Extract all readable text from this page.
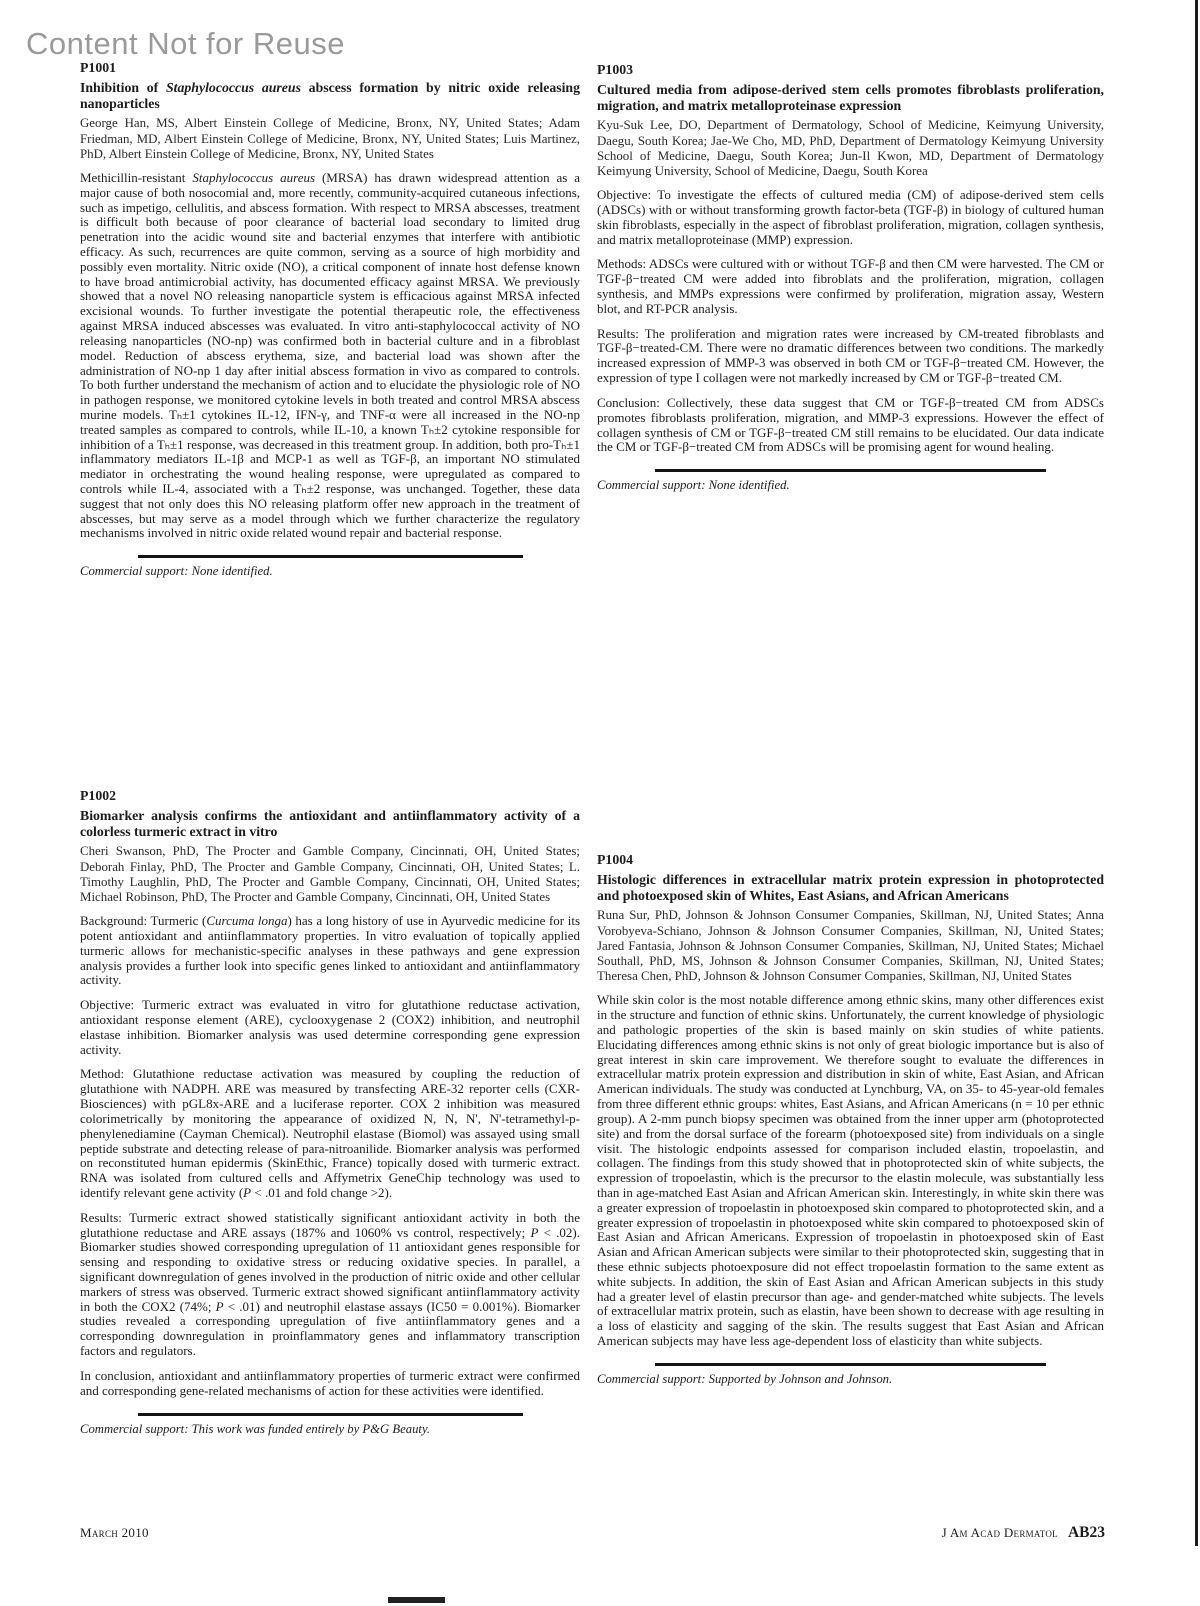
Content Not for Reuse

P1001

Inhibition of Staphylococcus aureus abscess formation by nitric oxide releasing nanoparticles

George Han, MS, Albert Einstein College of Medicine, Bronx, NY, United States; Adam Friedman, MD, Albert Einstein College of Medicine, Bronx, NY, United States; Luis Martinez, PhD, Albert Einstein College of Medicine, Bronx, NY, United States

Methicillin-resistant Staphylococcus aureus (MRSA) has drawn widespread attention as a major cause of both nosocomial and, more recently, community-acquired cutaneous infections, such as impetigo, cellulitis, and abscess formation. With respect to MRSA abscesses, treatment is difficult both because of poor clearance of bacterial load secondary to limited drug penetration into the acidic wound site and bacterial enzymes that interfere with antibiotic efficacy. As such, recurrences are quite common, serving as a source of high morbidity and possibly even mortality. Nitric oxide (NO), a critical component of innate host defense known to have broad antimicrobial activity, has documented efficacy against MRSA. We previously showed that a novel NO releasing nanoparticle system is efficacious against MRSA infected excisional wounds. To further investigate the potential therapeutic role, the effectiveness against MRSA induced abscesses was evaluated. In vitro anti-staphylococcal activity of NO releasing nanoparticles (NO-np) was confirmed both in bacterial culture and in a fibroblast model. Reduction of abscess erythema, size, and bacterial load was shown after the administration of NO-np 1 day after initial abscess formation in vivo as compared to controls. To both further understand the mechanism of action and to elucidate the physiologic role of NO in pathogen response, we monitored cytokine levels in both treated and control MRSA abscess murine models. Tₕ±1 cytokines IL-12, IFN-γ, and TNF-α were all increased in the NO-np treated samples as compared to controls, while IL-10, a known Tₕ±2 cytokine responsible for inhibition of a Tₕ±1 response, was decreased in this treatment group. In addition, both pro-Tₕ±1 inflammatory mediators IL-1β and MCP-1 as well as TGF-β, an important NO stimulated mediator in orchestrating the wound healing response, were upregulated as compared to controls while IL-4, associated with a Tₕ±2 response, was unchanged. Together, these data suggest that not only does this NO releasing platform offer new approach in the treatment of abscesses, but may serve as a model through which we further characterize the regulatory mechanisms involved in nitric oxide related wound repair and bacterial response.

Commercial support: None identified.

P1002

Biomarker analysis confirms the antioxidant and antiinflammatory activity of a colorless turmeric extract in vitro

Cheri Swanson, PhD, The Procter and Gamble Company, Cincinnati, OH, United States; Deborah Finlay, PhD, The Procter and Gamble Company, Cincinnati, OH, United States; L. Timothy Laughlin, PhD, The Procter and Gamble Company, Cincinnati, OH, United States; Michael Robinson, PhD, The Procter and Gamble Company, Cincinnati, OH, United States

Background: Turmeric (Curcuma longa) has a long history of use in Ayurvedic medicine for its potent antioxidant and antiinflammatory properties. In vitro evaluation of topically applied turmeric allows for mechanistic-specific analyses in these pathways and gene expression analysis provides a further look into specific genes linked to antioxidant and antiinflammatory activity.

Objective: Turmeric extract was evaluated in vitro for glutathione reductase activation, antioxidant response element (ARE), cyclooxygenase 2 (COX2) inhibition, and neutrophil elastase inhibition. Biomarker analysis was used determine corresponding gene expression activity.

Method: Glutathione reductase activation was measured by coupling the reduction of glutathione with NADPH. ARE was measured by transfecting ARE-32 reporter cells (CXR-Biosciences) with pGL8x-ARE and a luciferase reporter. COX 2 inhibition was measured colorimetrically by monitoring the appearance of oxidized N, N, N', N'-tetramethyl-p-phenylenediamine (Cayman Chemical). Neutrophil elastase (Biomol) was assayed using small peptide substrate and detecting release of para-nitroanilide. Biomarker analysis was performed on reconstituted human epidermis (SkinEthic, France) topically dosed with turmeric extract. RNA was isolated from cultured cells and Affymetrix GeneChip technology was used to identify relevant gene activity (P < .01 and fold change >2).

Results: Turmeric extract showed statistically significant antioxidant activity in both the glutathione reductase and ARE assays (187% and 1060% vs control, respectively; P < .02). Biomarker studies showed corresponding upregulation of 11 antioxidant genes responsible for sensing and responding to oxidative stress or reducing oxidative species. In parallel, a significant downregulation of genes involved in the production of nitric oxide and other cellular markers of stress was observed. Turmeric extract showed significant antiinflammatory activity in both the COX2 (74%; P < .01) and neutrophil elastase assays (IC50 = 0.001%). Biomarker studies revealed a corresponding upregulation of five antiinflammatory genes and a corresponding downregulation in proinflammatory genes and inflammatory transcription factors and regulators.

In conclusion, antioxidant and antiinflammatory properties of turmeric extract were confirmed and corresponding gene-related mechanisms of action for these activities were identified.

Commercial support: This work was funded entirely by P&G Beauty.

P1003

Cultured media from adipose-derived stem cells promotes fibroblasts proliferation, migration, and matrix metalloproteinase expression

Kyu-Suk Lee, DO, Department of Dermatology, School of Medicine, Keimyung University, Daegu, South Korea; Jae-We Cho, MD, PhD, Department of Dermatology Keimyung University School of Medicine, Daegu, South Korea; Jun-Il Kwon, MD, Department of Dermatology Keimyung University, School of Medicine, Daegu, South Korea

Objective: To investigate the effects of cultured media (CM) of adipose-derived stem cells (ADSCs) with or without transforming growth factor-beta (TGF-β) in biology of cultured human skin fibroblasts, especially in the aspect of fibroblast proliferation, migration, collagen synthesis, and matrix metalloproteinase (MMP) expression.

Methods: ADSCs were cultured with or without TGF-β and then CM were harvested. The CM or TGF-β−treated CM were added into fibroblats and the proliferation, migration, collagen synthesis, and MMPs expressions were confirmed by proliferation, migration assay, Western blot, and RT-PCR analysis.

Results: The proliferation and migration rates were increased by CM-treated fibroblasts and TGF-β−treated-CM. There were no dramatic differences between two conditions. The markedly increased expression of MMP-3 was observed in both CM or TGF-β−treated CM. However, the expression of type I collagen were not markedly increased by CM or TGF-β−treated CM.

Conclusion: Collectively, these data suggest that CM or TGF-β−treated CM from ADSCs promotes fibroblasts proliferation, migration, and MMP-3 expressions. However the effect of collagen synthesis of CM or TGF-β−treated CM still remains to be elucidated. Our data indicate the CM or TGF-β−treated CM from ADSCs will be promising agent for wound healing.

Commercial support: None identified.

P1004

Histologic differences in extracellular matrix protein expression in photoprotected and photoexposed skin of Whites, East Asians, and African Americans

Runa Sur, PhD, Johnson & Johnson Consumer Companies, Skillman, NJ, United States; Anna Vorobyeva-Schiano, Johnson & Johnson Consumer Companies, Skillman, NJ, United States; Jared Fantasia, Johnson & Johnson Consumer Companies, Skillman, NJ, United States; Michael Southall, PhD, MS, Johnson & Johnson Consumer Companies, Skillman, NJ, United States; Theresa Chen, PhD, Johnson & Johnson Consumer Companies, Skillman, NJ, United States

While skin color is the most notable difference among ethnic skins, many other differences exist in the structure and function of ethnic skins. Unfortunately, the current knowledge of physiologic and pathologic properties of the skin is based mainly on skin studies of white patients. Elucidating differences among ethnic skins is not only of great biologic importance but is also of great interest in skin care improvement. We therefore sought to evaluate the differences in extracellular matrix protein expression and distribution in skin of white, East Asian, and African American individuals. The study was conducted at Lynchburg, VA, on 35- to 45-year-old females from three different ethnic groups: whites, East Asians, and African Americans (n = 10 per ethnic group). A 2-mm punch biopsy specimen was obtained from the inner upper arm (photoprotected site) and from the dorsal surface of the forearm (photoexposed site) from individuals on a single visit. The histologic endpoints assessed for comparison included elastin, tropoelastin, and collagen. The findings from this study showed that in photoprotected skin of white subjects, the expression of tropoelastin, which is the precursor to the elastin molecule, was substantially less than in age-matched East Asian and African American skin. Interestingly, in white skin there was a greater expression of tropoelastin in photoexposed skin compared to photoprotected skin, and a greater expression of tropoelastin in photoexposed white skin compared to photoexposed skin of East Asian and African Americans. Expression of tropoelastin in photoexposed skin of East Asian and African American subjects were similar to their photoprotected skin, suggesting that in these ethnic subjects photoexposure did not effect tropoelastin formation to the same extent as white subjects. In addition, the skin of East Asian and African American subjects in this study had a greater level of elastin precursor than age- and gender-matched white subjects. The levels of extracellular matrix protein, such as elastin, have been shown to decrease with age resulting in a loss of elasticity and sagging of the skin. The results suggest that East Asian and African American subjects may have less age-dependent loss of elasticity than white subjects.

Commercial support: Supported by Johnson and Johnson.

March 2010	J Am Acad Dermatol AB23
